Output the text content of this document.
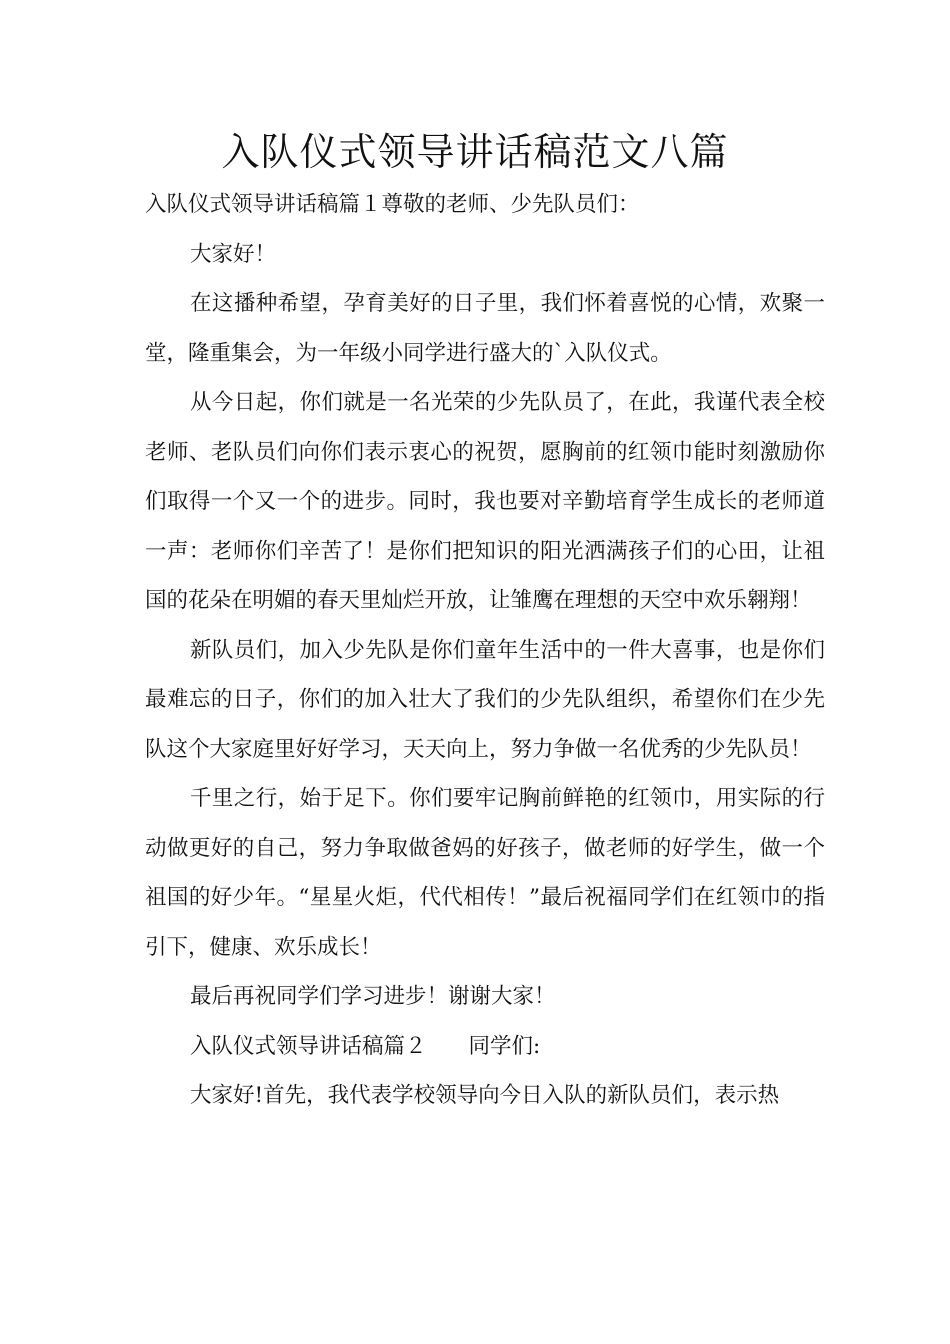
入队仪式领导讲话稿范文八篇

入队仪式领导讲话稿篇１尊敬的老师、少先队员们：

大家好！

在这播种希望，孕育美好的日子里，我们怀着喜悦的心情，欢聚一堂，隆重集会，为一年级小同学进行盛大的`入队仪式。

从今日起，你们就是一名光荣的少先队员了，在此，我谨代表全校老师、老队员们向你们表示衷心的祝贺，愿胸前的红领巾能时刻激励你们取得一个又一个的进步。同时，我也要对辛勤培育学生成长的老师道一声：老师你们辛苦了！是你们把知识的阳光洒满孩子们的心田，让祖国的花朵在明媚的春天里灿烂开放，让雏鹰在理想的天空中欢乐翱翔！

新队员们，加入少先队是你们童年生活中的一件大喜事，也是你们最难忘的日子，你们的加入壮大了我们的少先队组织，希望你们在少先队这个大家庭里好好学习，天天向上，努力争做一名优秀的少先队员！

千里之行，始于足下。你们要牢记胸前鲜艳的红领巾，用实际的行动做更好的自己，努力争取做爸妈的好孩子，做老师的好学生，做一个祖国的好少年。“星星火炬，代代相传！”最后祝福同学们在红领巾的指引下，健康、欢乐成长！

最后再祝同学们学习进步！谢谢大家！

入队仪式领导讲话稿篇２ 同学们:

大家好!首先，我代表学校领导向今日入队的新队员们，表示热
